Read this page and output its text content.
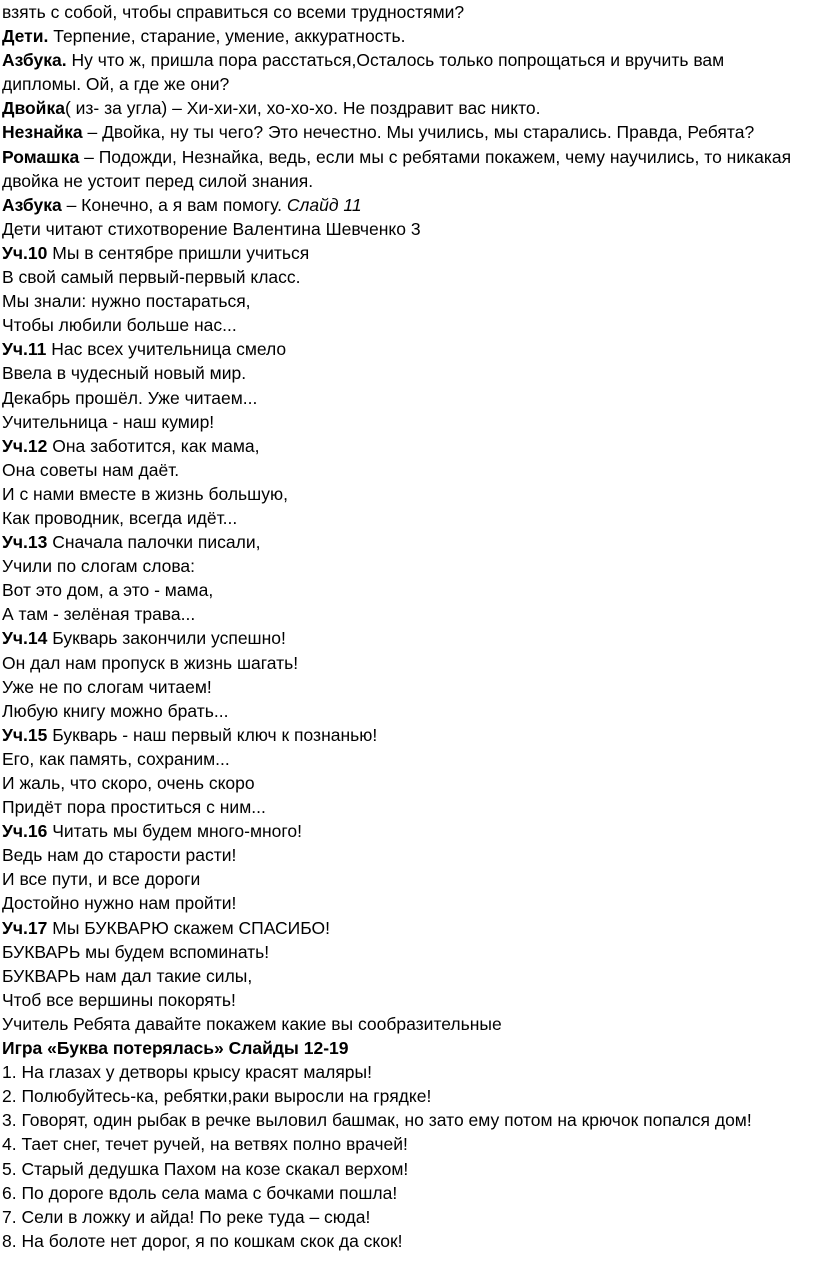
взять с собой, чтобы справиться со всеми трудностями?

Дети. Терпение, старание, умение, аккуратность.

Азбука. Ну что ж, пришла пора расстаться,Осталось только попрощаться и вручить вам дипломы. Ой, а где же они?

Двойка( из- за угла) – Хи-хи-хи, хо-хо-хо. Не поздравит вас никто.

Незнайка – Двойка, ну ты чего? Это нечестно. Мы учились, мы старались. Правда, Ребята?

Ромашка – Подожди, Незнайка, ведь, если мы с ребятами покажем, чему научились, то никакая двойка не устоит перед силой знания.

Азбука – Конечно, а я вам помогу. Слайд 11

Дети читают стихотворение Валентина Шевченко 3

Уч.10 Мы в сентябре пришли учиться

В свой самый первый-первый класс.

Мы знали: нужно постараться,

Чтобы любили больше нас...

Уч.11 Нас всех учительница смело

Ввела в чудесный новый мир.

Декабрь прошёл. Уже читаем...

Учительница - наш кумир!

Уч.12 Она заботится, как мама,

Она советы нам даёт.

И с нами вместе в жизнь большую,

Как проводник, всегда идёт...

Уч.13 Сначала палочки писали,

Учили по слогам слова:

Вот это дом, а это - мама,

А там - зелёная трава...

Уч.14 Букварь закончили успешно!

Он дал нам пропуск в жизнь шагать!

Уже не по слогам читаем!

Любую книгу можно брать...

Уч.15 Букварь - наш первый ключ к познанью!

Его, как память, сохраним...

И жаль, что скоро, очень скоро

Придёт пора проститься с ним...

Уч.16 Читать мы будем много-много!

Ведь нам до старости расти!

И все пути, и все дороги

Достойно нужно нам пройти!

Уч.17 Мы БУКВАРЮ скажем СПАСИБО!

БУКВАРЬ мы будем вспоминать!

БУКВАРЬ нам дал такие силы,

Чтоб все вершины покорять!

Учитель Ребята давайте покажем какие вы сообразительные

Игра «Буква потерялась» Слайды 12-19

1. На глазах у детворы крысу красят маляры!

2. Полюбуйтесь-ка, ребятки,раки выросли на грядке!

3. Говорят, один рыбак в речке выловил башмак, но зато ему потом на крючок попался дом!

4. Тает снег, течет ручей, на ветвях полно врачей!

5. Старый дедушка Пахом на козе скакал верхом!

6. По дороге вдоль села мама с бочками пошла!

7. Сели в ложку и айда! По реке туда – сюда!

8. На болоте нет дорог, я по кошкам скок да скок!
